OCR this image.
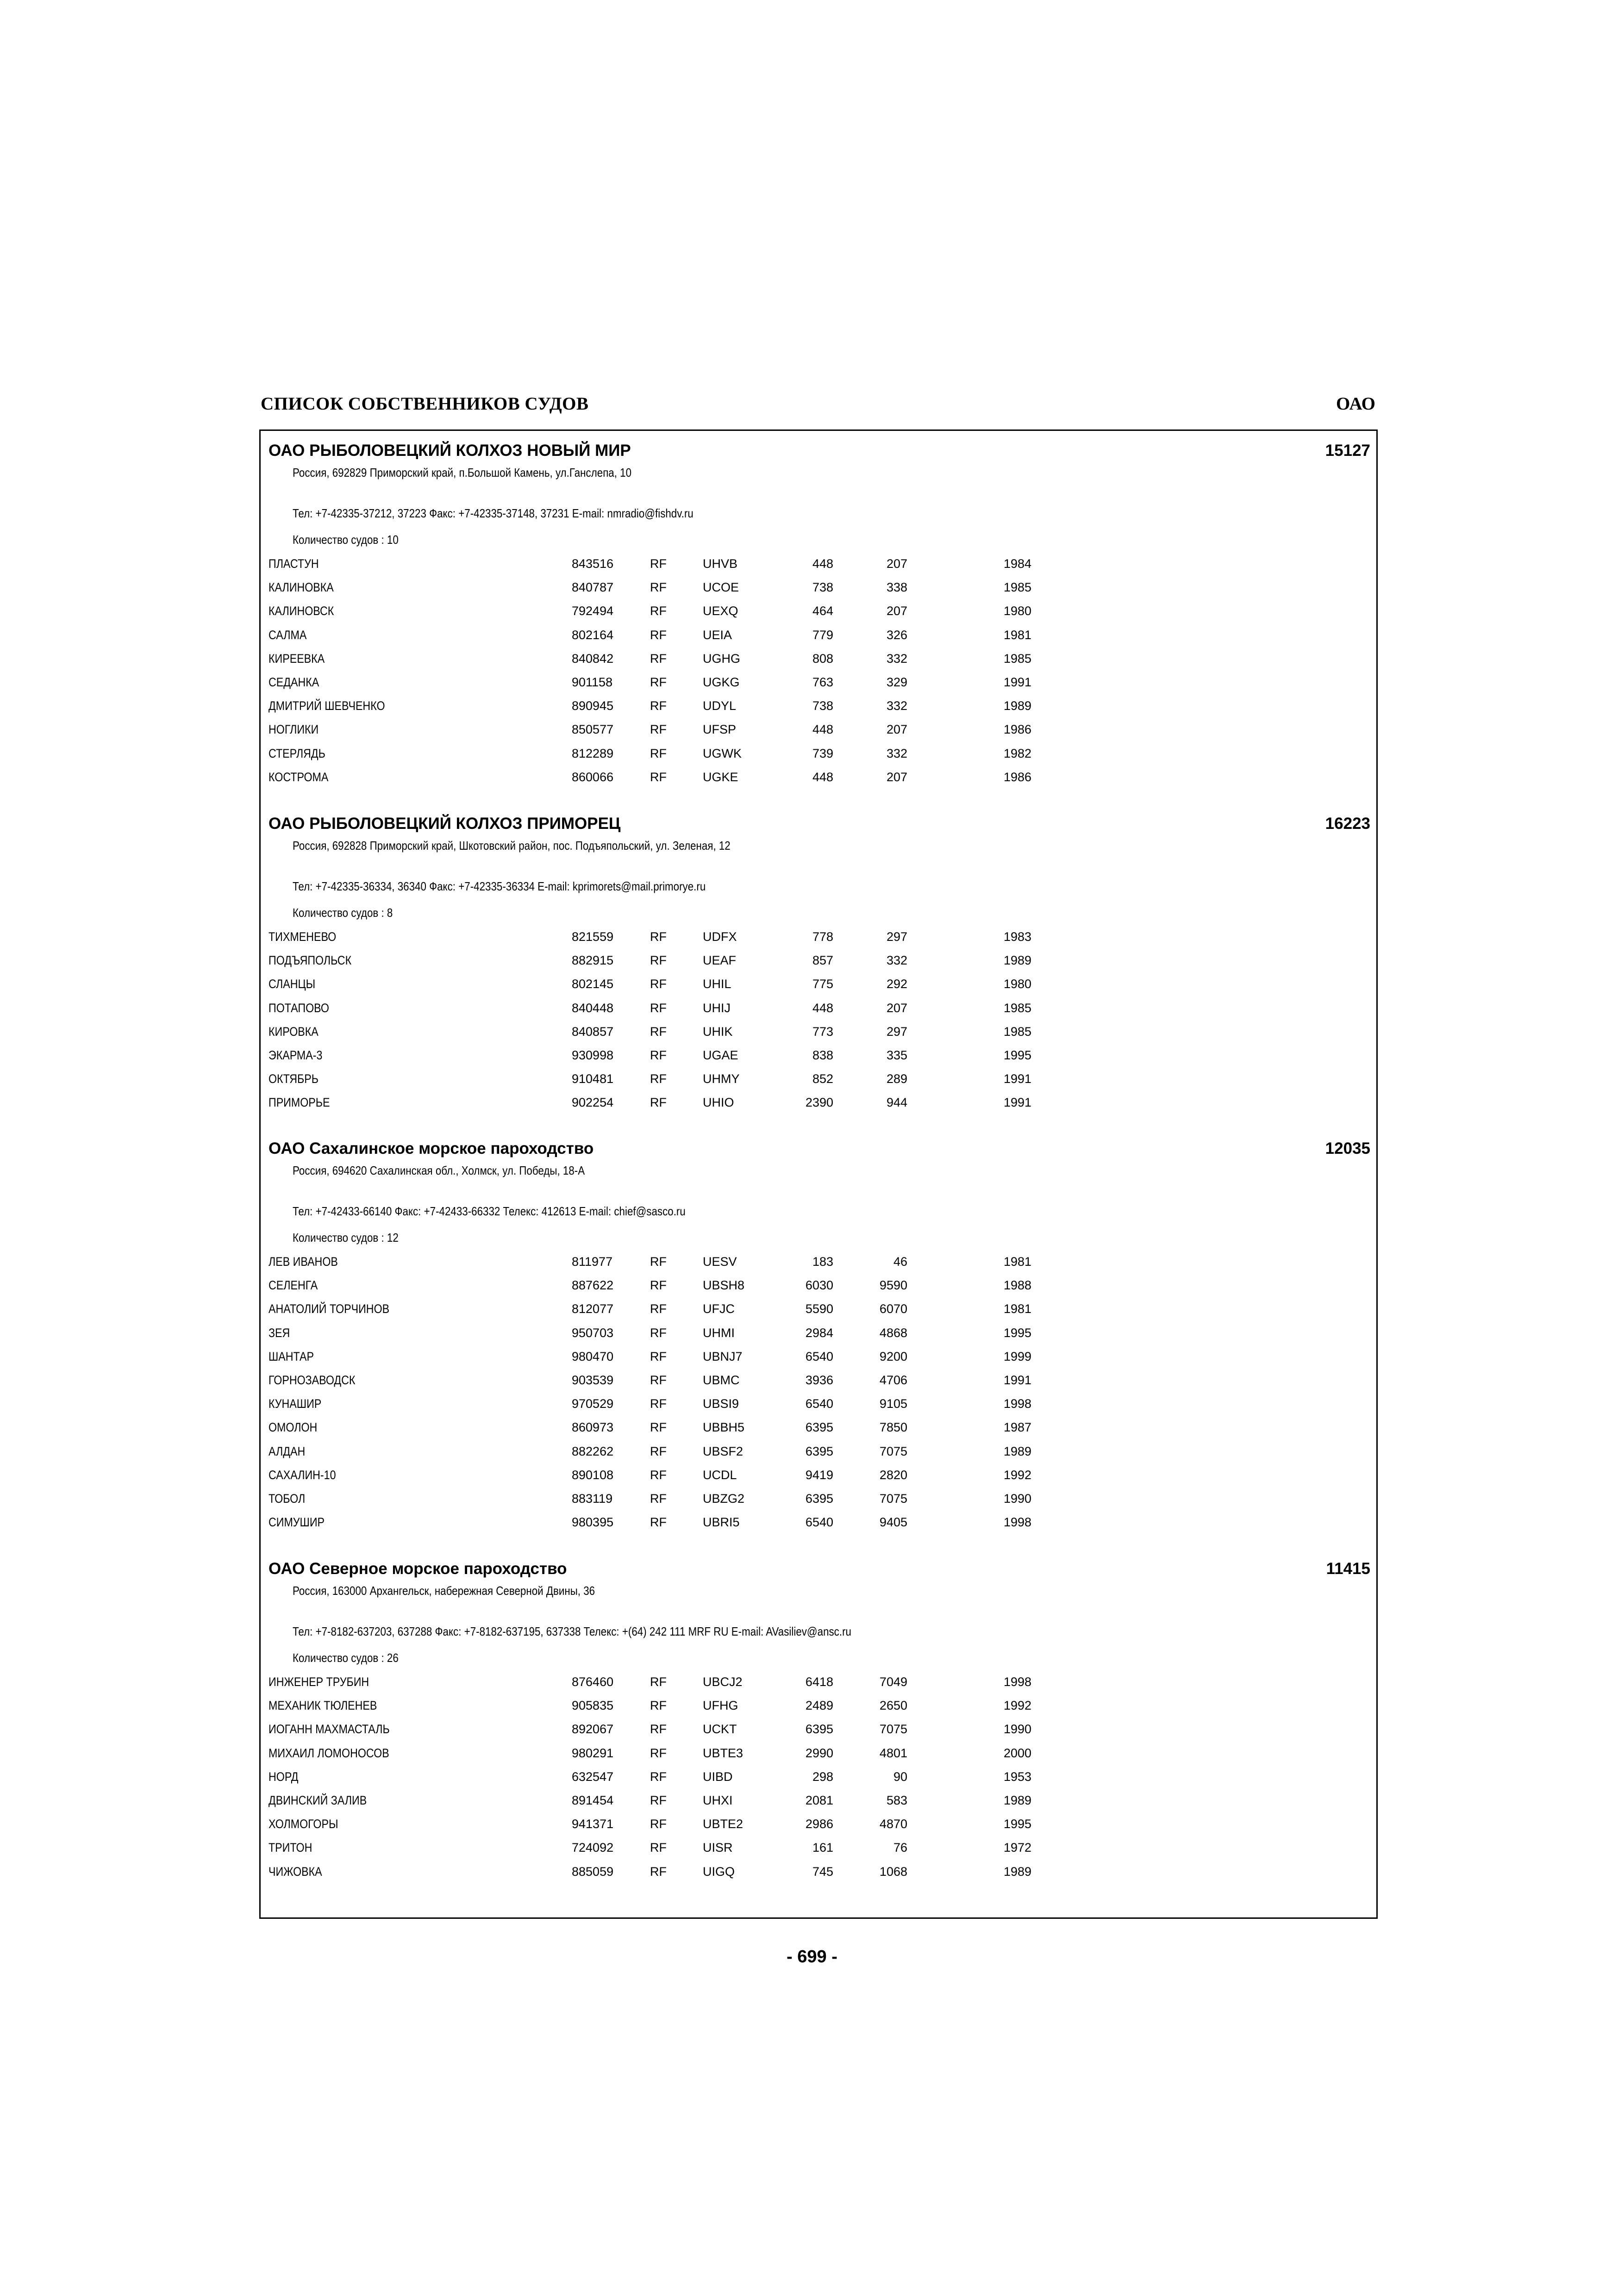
СПИСОК СОБСТВЕННИКОВ СУДОВ	ОАО
ОАО РЫБОЛОВЕЦКИЙ КОЛХОЗ НОВЫЙ МИР	15127
Россия, 692829 Приморский край, п.Большой Камень, ул.Ганслепа, 10
Тел: +7-42335-37212, 37223 Факс: +7-42335-37148, 37231 E-mail: nmradio@fishdv.ru
Количество судов : 10
ПЛАСТУН	843516	RF	UHVB	448	207	1984
КАЛИНОВКА	840787	RF	UCOE	738	338	1985
КАЛИНОВСК	792494	RF	UEXQ	464	207	1980
САЛМА	802164	RF	UEIA	779	326	1981
КИРЕЕВКА	840842	RF	UGHG	808	332	1985
СЕДАНКА	901158	RF	UGKG	763	329	1991
ДМИТРИЙ ШЕВЧЕНКО	890945	RF	UDYL	738	332	1989
НОГЛИКИ	850577	RF	UFSP	448	207	1986
СТЕРЛЯДЬ	812289	RF	UGWK	739	332	1982
КОСТРОМА	860066	RF	UGKE	448	207	1986
ОАО РЫБОЛОВЕЦКИЙ КОЛХОЗ ПРИМОРЕЦ	16223
Россия, 692828 Приморский край, Шкотовский район, пос. Подъяпольский, ул. Зеленая, 12
Тел: +7-42335-36334, 36340 Факс: +7-42335-36334 E-mail: kprimorets@mail.primorye.ru
Количество судов : 8
ТИХМЕНЕВО	821559	RF	UDFX	778	297	1983
ПОДЪЯПОЛЬСК	882915	RF	UEAF	857	332	1989
СЛАНЦЫ	802145	RF	UHIL	775	292	1980
ПОТАПОВО	840448	RF	UHIJ	448	207	1985
КИРОВКА	840857	RF	UHIK	773	297	1985
ЭКАРМА-3	930998	RF	UGAE	838	335	1995
ОКТЯБРЬ	910481	RF	UHMY	852	289	1991
ПРИМОРЬЕ	902254	RF	UHIO	2390	944	1991
ОАО Сахалинское морское пароходство	12035
Россия, 694620 Сахалинская обл., Холмск, ул. Победы, 18-А
Тел: +7-42433-66140 Факс: +7-42433-66332 Телекс: 412613 E-mail: chief@sasco.ru
Количество судов : 12
ЛЕВ ИВАНОВ	811977	RF	UESV	183	46	1981
СЕЛЕНГА	887622	RF	UBSH8	6030	9590	1988
АНАТОЛИЙ ТОРЧИНОВ	812077	RF	UFJC	5590	6070	1981
ЗЕЯ	950703	RF	UHMI	2984	4868	1995
ШАНТАР	980470	RF	UBNJ7	6540	9200	1999
ГОРНОЗАВОДСК	903539	RF	UBMC	3936	4706	1991
КУНАШИР	970529	RF	UBSI9	6540	9105	1998
ОМОЛОН	860973	RF	UBBH5	6395	7850	1987
АЛДАН	882262	RF	UBSF2	6395	7075	1989
САХАЛИН-10	890108	RF	UCDL	9419	2820	1992
ТОБОЛ	883119	RF	UBZG2	6395	7075	1990
СИМУШИР	980395	RF	UBRI5	6540	9405	1998
ОАО Северное морское пароходство	11415
Россия, 163000 Архангельск, набережная Северной Двины, 36
Тел: +7-8182-637203, 637288 Факс: +7-8182-637195, 637338 Телекс: +(64) 242 111 MRF RU E-mail: AVasiliev@ansc.ru
Количество судов : 26
ИНЖЕНЕР ТРУБИН	876460	RF	UBCJ2	6418	7049	1998
МЕХАНИК ТЮЛЕНЕВ	905835	RF	UFHG	2489	2650	1992
ИОГАНН МАХМАСТАЛЬ	892067	RF	UCKT	6395	7075	1990
МИХАИЛ ЛОМОНОСОВ	980291	RF	UBTE3	2990	4801	2000
НОРД	632547	RF	UIBD	298	90	1953
ДВИНСКИЙ ЗАЛИВ	891454	RF	UHXI	2081	583	1989
ХОЛМОГОРЫ	941371	RF	UBTE2	2986	4870	1995
ТРИТОН	724092	RF	UISR	161	76	1972
ЧИЖОВКА	885059	RF	UIGQ	745	1068	1989
- 699 -
